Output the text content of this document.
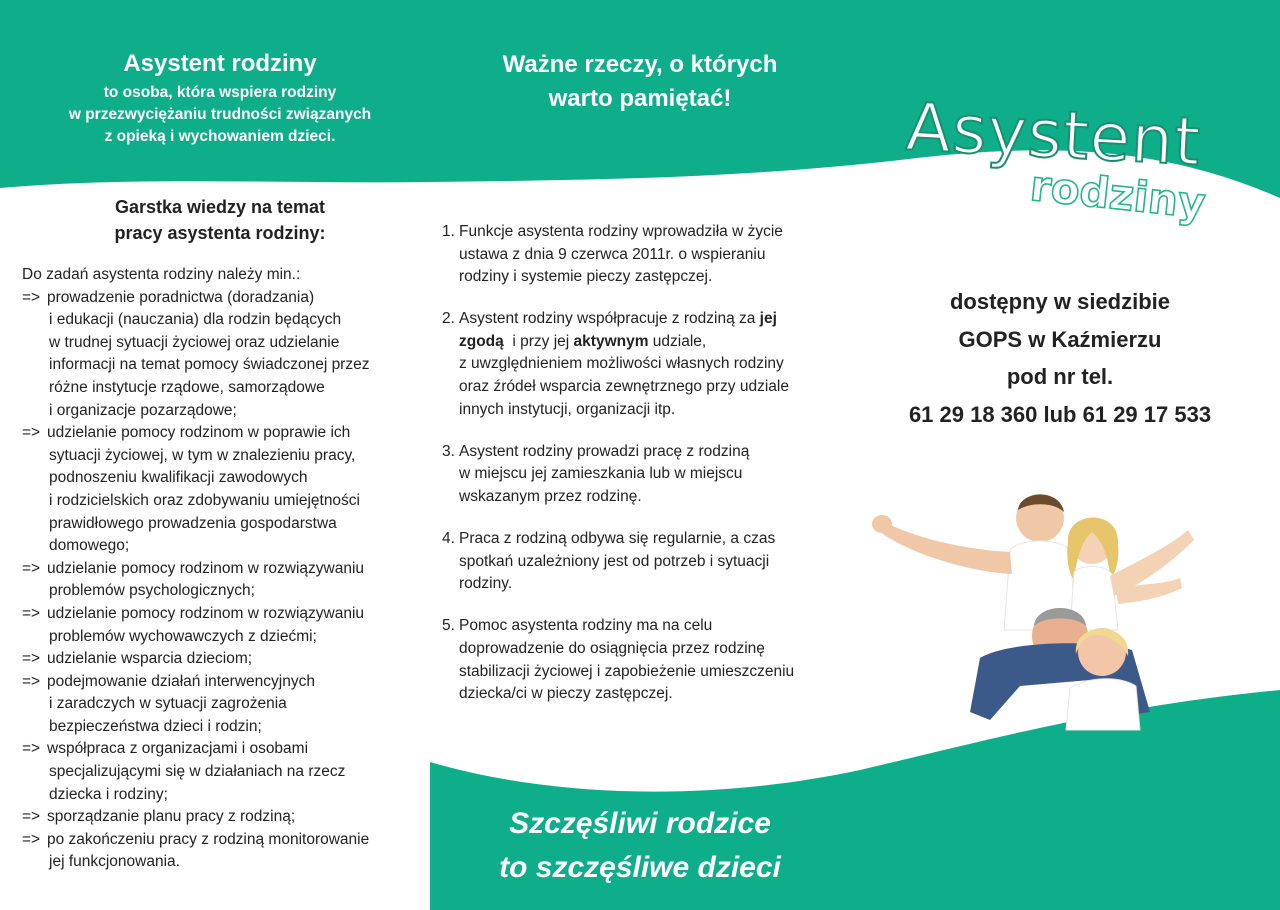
Asystent rodziny
to osoba, która wspiera rodziny
w przezwyciężaniu trudności związanych
z opieką i wychowaniem dzieci.
Garstka wiedzy na temat
pracy asystenta rodziny:
Do zadań asystenta rodziny należy min.:
=> prowadzenie poradnictwa (doradzania)
i edukacji (nauczania) dla rodzin będących
w trudnej sytuacji życiowej oraz udzielanie
informacji na temat pomocy świadczonej przez
różne instytucje rządowe, samorządowe
i organizacje pozarządowe;
=> udzielanie pomocy rodzinom w poprawie ich
sytuacji życiowej, w tym w znalezieniu pracy,
podnoszeniu kwalifikacji zawodowych
i rodzicielskich oraz zdobywaniu umiejętności
prawidłowego prowadzenia gospodarstwa
domowego;
=> udzielanie pomocy rodzinom w rozwiązywaniu
problemów psychologicznych;
=> udzielanie pomocy rodzinom w rozwiązywaniu
problemów wychowawczych z dziećmi;
=> udzielanie wsparcia dzieciom;
=> podejmowanie działań interwencyjnych
i zaradczych w sytuacji zagrożenia
bezpieczeństwa dzieci i rodzin;
=> współpraca z organizacjami i osobami
specjalizującymi się w działaniach na rzecz
dziecka i rodziny;
=> sporządzanie planu pracy z rodziną;
=> po zakończeniu pracy z rodziną monitorowanie
jej funkcjonowania.
Ważne rzeczy, o których
warto pamiętać!
1. Funkcje asystenta rodziny wprowadziła w życie
ustawa z dnia 9 czerwca 2011r. o wspieraniu
rodziny i systemie pieczy zastępczej.
2. Asystent rodziny współpracuje z rodziną za jej
zgodą  i przy jej aktywnym udziale,
z uwzględnieniem możliwości własnych rodziny
oraz źródeł wsparcia zewnętrznego przy udziale
innych instytucji, organizacji itp.
3. Asystent rodziny prowadzi pracę z rodziną
w miejscu jej zamieszkania lub w miejscu
wskazanym przez rodzinę.
4. Praca z rodziną odbywa się regularnie, a czas
spotkań uzależniony jest od potrzeb i sytuacji
rodziny.
5. Pomoc asystenta rodziny ma na celu
doprowadzenie do osiągnięcia przez rodzinę
stabilizacji życiowej i zapobieżenie umieszczeniu
dziecka/ci w pieczy zastępczej.
Szczęśliwi rodzice
to szczęśliwe dzieci
Asystent
rodziny
dostępny w siedzibie
GOPS w Kaźmierzu
pod nr tel.
61 29 18 360 lub 61 29 17 533
